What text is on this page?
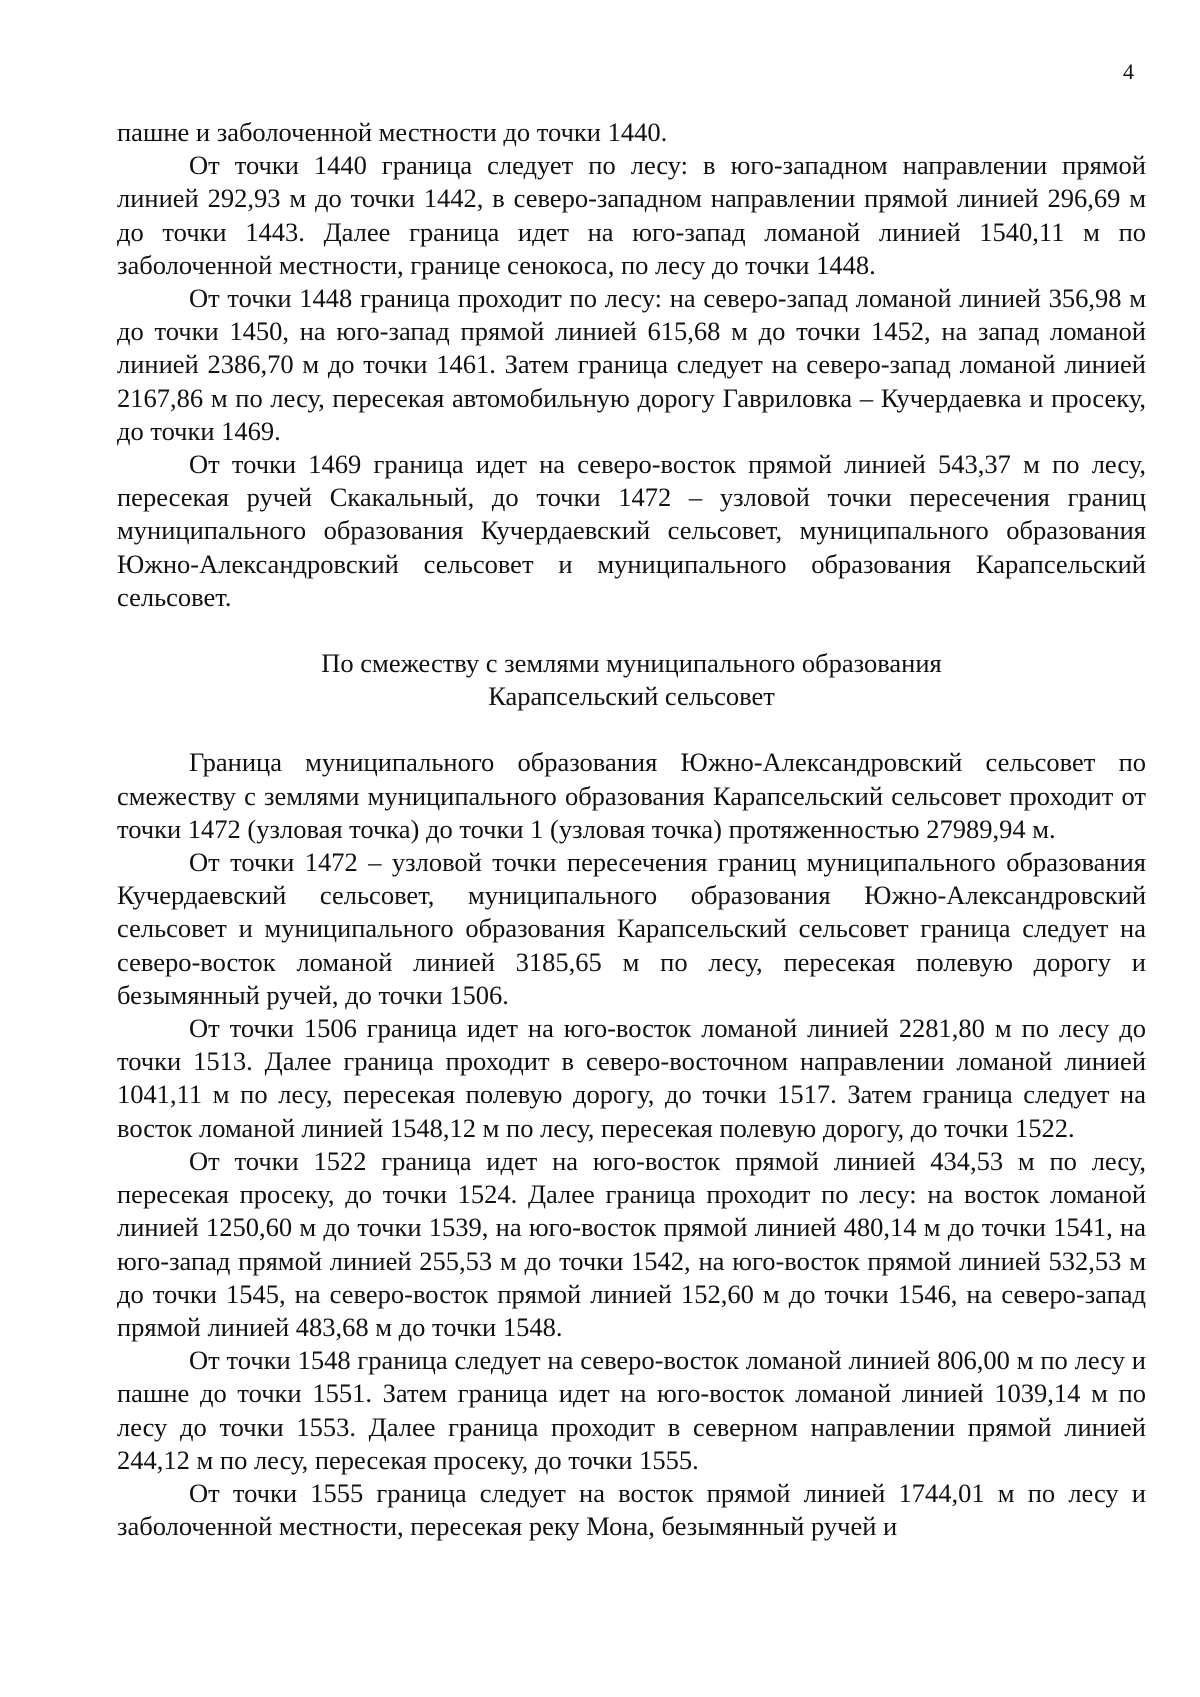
4

пашне и заболоченной местности до точки 1440.

От точки 1440 граница следует по лесу: в юго-западном направлении прямой линией 292,93 м до точки 1442, в северо-западном направлении прямой линией 296,69 м до точки 1443. Далее граница идет на юго-запад ломаной линией 1540,11 м по заболоченной местности, границе сенокоса, по лесу до точки 1448.

От точки 1448 граница проходит по лесу: на северо-запад ломаной линией 356,98 м до точки 1450, на юго-запад прямой линией 615,68 м до точки 1452, на запад ломаной линией 2386,70 м до точки 1461. Затем граница следует на северо-запад ломаной линией 2167,86 м по лесу, пересекая автомобильную дорогу Гавриловка – Кучердаевка и просеку, до точки 1469.

От точки 1469 граница идет на северо-восток прямой линией 543,37 м по лесу, пересекая ручей Скакальный, до точки 1472 – узловой точки пересечения границ муниципального образования Кучердаевский сельсовет, муниципального образования Южно-Александровский сельсовет и муниципального образования Карапсельский сельсовет.

По смежеству с землями муниципального образования
Карапсельский сельсовет

Граница муниципального образования Южно-Александровский сельсовет по смежеству с землями муниципального образования Карапсельский сельсовет проходит от точки 1472 (узловая точка) до точки 1 (узловая точка) протяженностью 27989,94 м.

От точки 1472 – узловой точки пересечения границ муниципального образования Кучердаевский сельсовет, муниципального образования Южно-Александровский сельсовет и муниципального образования Карапсельский сельсовет граница следует на северо-восток ломаной линией 3185,65 м по лесу, пересекая полевую дорогу и безымянный ручей, до точки 1506.

От точки 1506 граница идет на юго-восток ломаной линией 2281,80 м по лесу до точки 1513. Далее граница проходит в северо-восточном направлении ломаной линией 1041,11 м по лесу, пересекая полевую дорогу, до точки 1517. Затем граница следует на восток ломаной линией 1548,12 м по лесу, пересекая полевую дорогу, до точки 1522.

От точки 1522 граница идет на юго-восток прямой линией 434,53 м по лесу, пересекая просеку, до точки 1524. Далее граница проходит по лесу: на восток ломаной линией 1250,60 м до точки 1539, на юго-восток прямой линией 480,14 м до точки 1541, на юго-запад прямой линией 255,53 м до точки 1542, на юго-восток прямой линией 532,53 м до точки 1545, на северо-восток прямой линией 152,60 м до точки 1546, на северо-запад прямой линией 483,68 м до точки 1548.

От точки 1548 граница следует на северо-восток ломаной линией 806,00 м по лесу и пашне до точки 1551. Затем граница идет на юго-восток ломаной линией 1039,14 м по лесу до точки 1553. Далее граница проходит в северном направлении прямой линией 244,12 м по лесу, пересекая просеку, до точки 1555.

От точки 1555 граница следует на восток прямой линией 1744,01 м по лесу и заболоченной местности, пересекая реку Мона, безымянный ручей и
